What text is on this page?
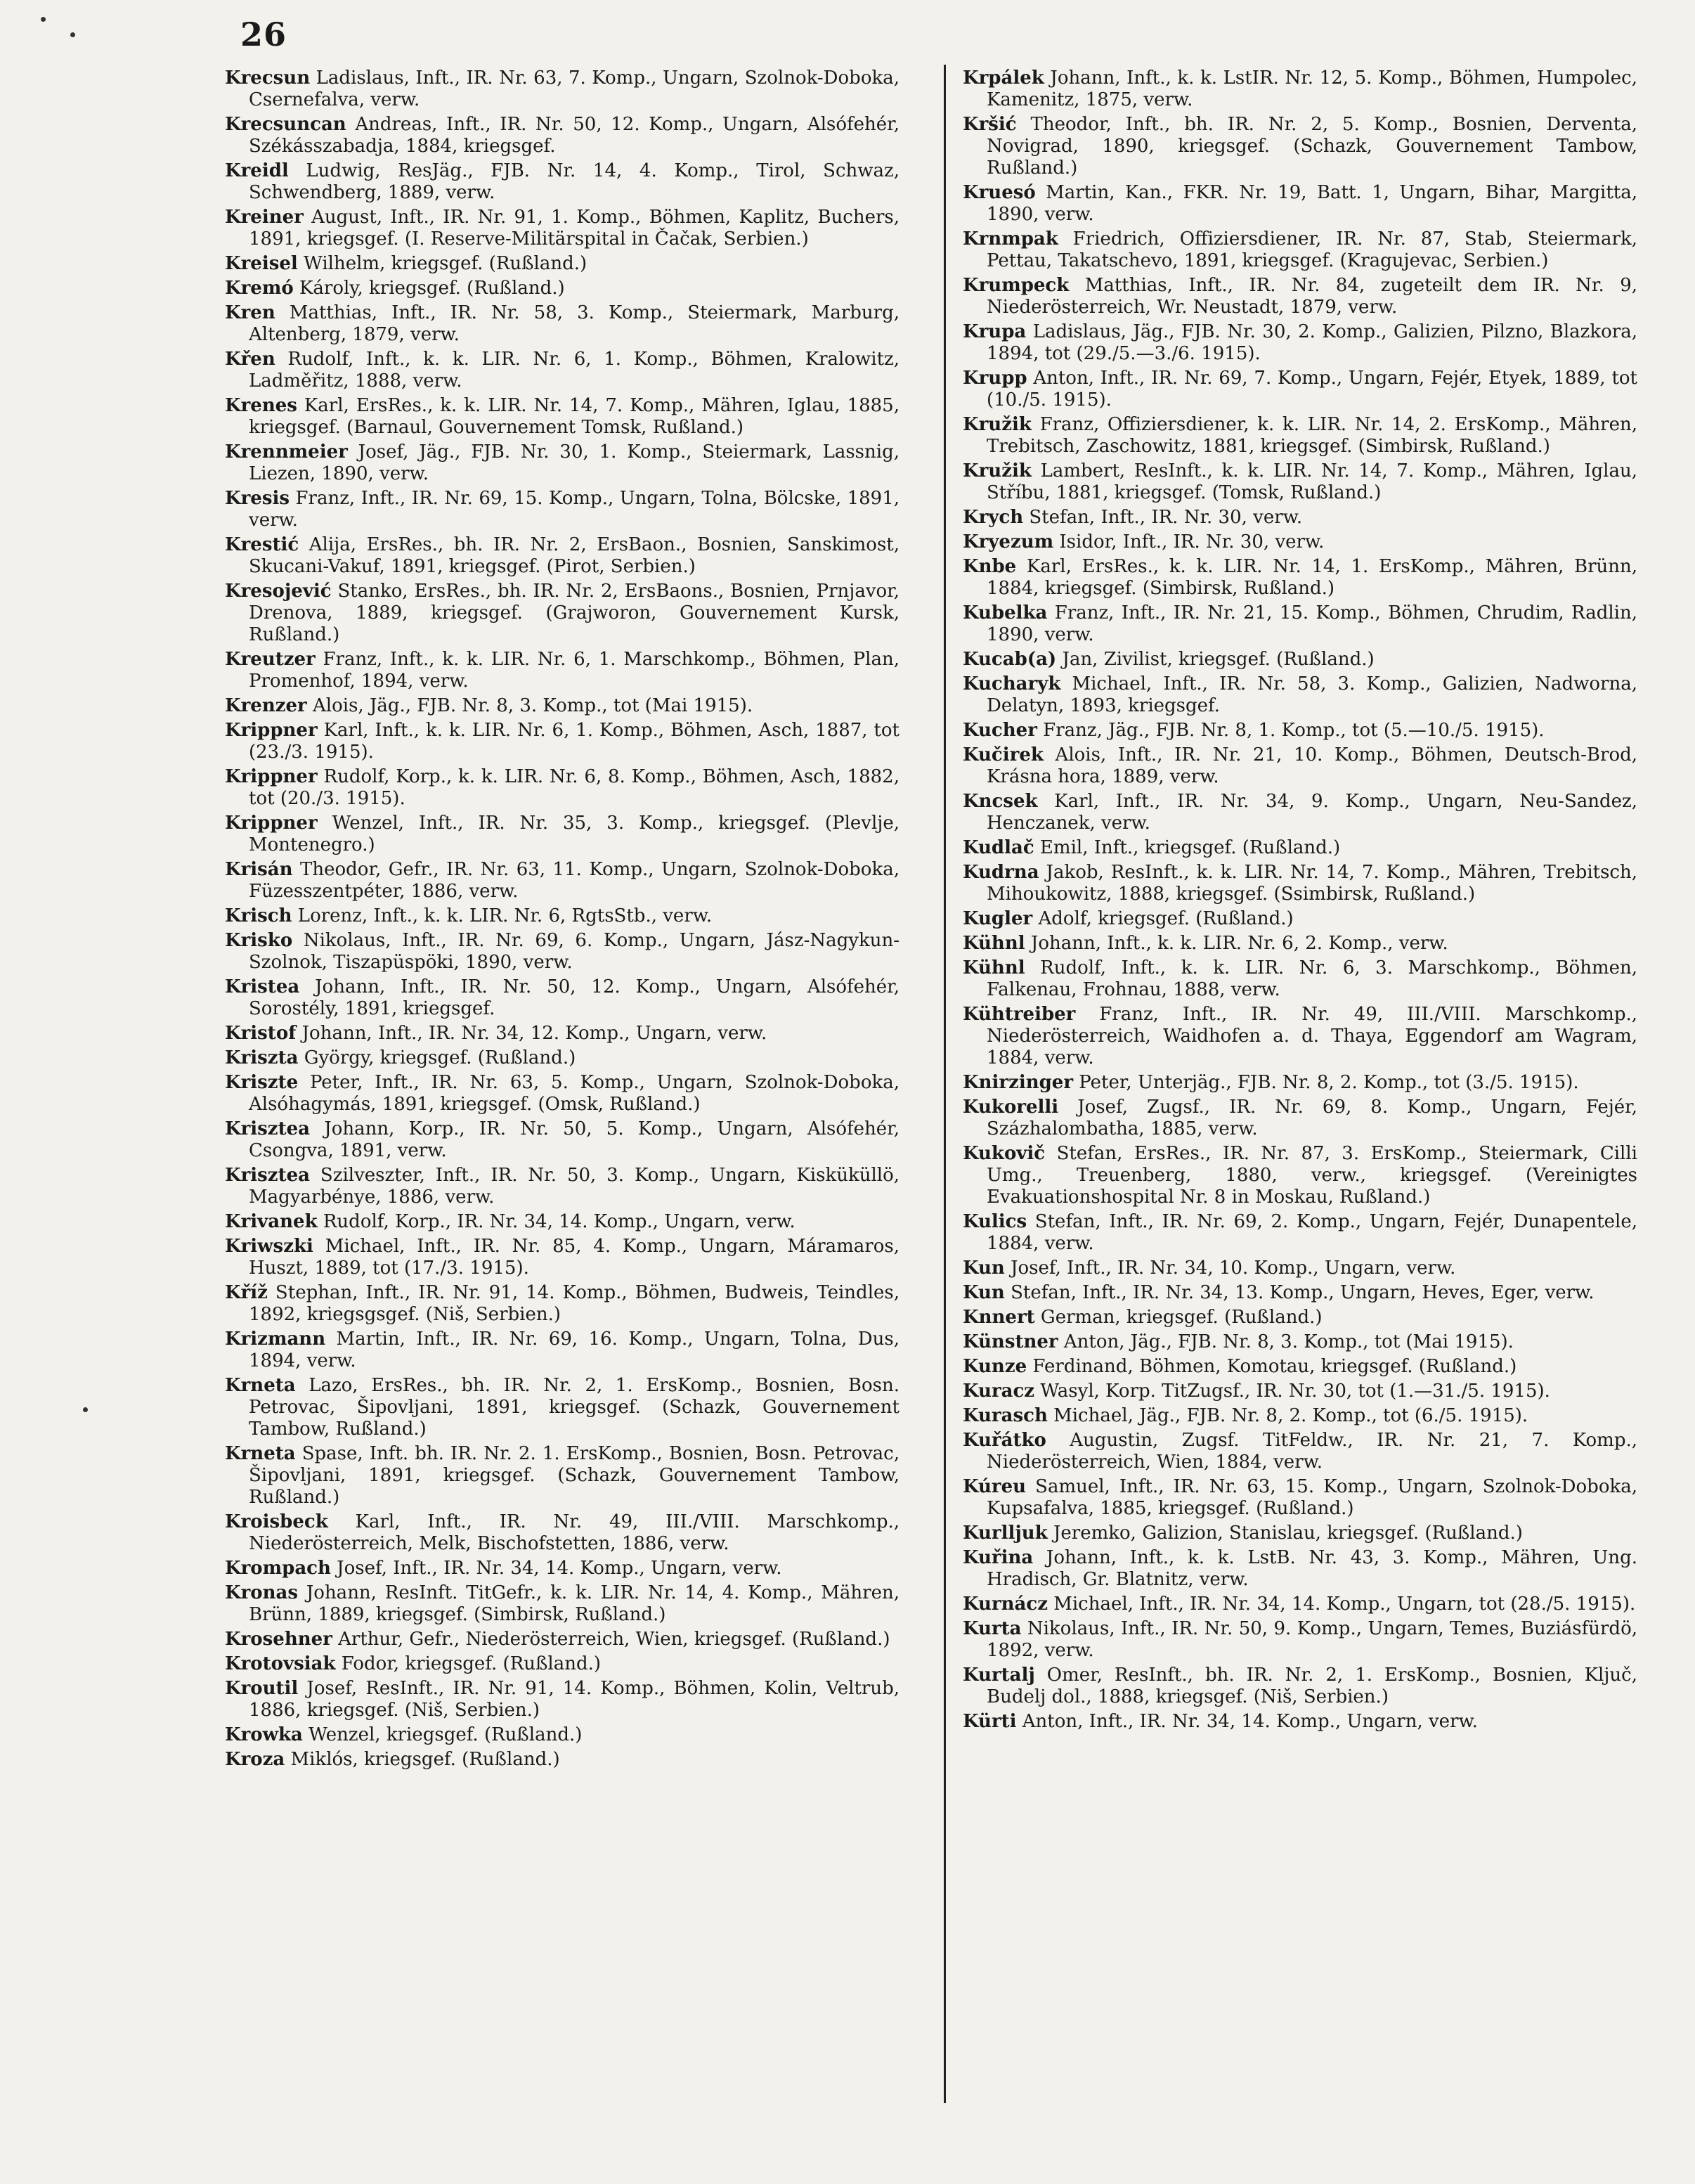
26

Krecsun Ladislaus, Inft., IR. Nr. 63, 7. Komp., Ungarn, Szolnok-Doboka, Csernefalva, verw.

Krecsuncan Andreas, Inft., IR. Nr. 50, 12. Komp., Ungarn, Alsófehér, Székásszabadja, 1884, kriegsgef.

Kreidl Ludwig, ResJäg., FJB. Nr. 14, 4. Komp., Tirol, Schwaz, Schwendberg, 1889, verw.

Kreiner August, Inft., IR. Nr. 91, 1. Komp., Böhmen, Kaplitz, Buchers, 1891, kriegsgef. (I. Reserve-Militärspital in Čačak, Serbien.)

Kreisel Wilhelm, kriegsgef. (Rußland.)

Kremó Károly, kriegsgef. (Rußland.)

Kren Matthias, Inft., IR. Nr. 58, 3. Komp., Steiermark, Marburg, Altenberg, 1879, verw.

Křen Rudolf, Inft., k. k. LIR. Nr. 6, 1. Komp., Böhmen, Kralowitz, Ladměřitz, 1888, verw.

Krenes Karl, ErsRes., k. k. LIR. Nr. 14, 7. Komp., Mähren, Iglau, 1885, kriegsgef. (Barnaul, Gouvernement Tomsk, Rußland.)

Krennmeier Josef, Jäg., FJB. Nr. 30, 1. Komp., Steiermark, Lassnig, Liezen, 1890, verw.

Kresis Franz, Inft., IR. Nr. 69, 15. Komp., Ungarn, Tolna, Bölcske, 1891, verw.

Krestić Alija, ErsRes., bh. IR. Nr. 2, ErsBaon., Bosnien, Sanskimost, Skucani-Vakuf, 1891, kriegsgef. (Pirot, Serbien.)

Kresojević Stanko, ErsRes., bh. IR. Nr. 2, ErsBaons., Bosnien, Prnjavor, Drenova, 1889, kriegsgef. (Grajworon, Gouvernement Kursk, Rußland.)

Kreutzer Franz, Inft., k. k. LIR. Nr. 6, 1. Marschkomp., Böhmen, Plan, Promenhof, 1894, verw.

Krenzer Alois, Jäg., FJB. Nr. 8, 3. Komp., tot (Mai 1915).

Krippner Karl, Inft., k. k. LIR. Nr. 6, 1. Komp., Böhmen, Asch, 1887, tot (23./3. 1915).

Krippner Rudolf, Korp., k. k. LIR. Nr. 6, 8. Komp., Böhmen, Asch, 1882, tot (20./3. 1915).

Krippner Wenzel, Inft., IR. Nr. 35, 3. Komp., kriegsgef. (Plevlje, Montenegro.)

Krisán Theodor, Gefr., IR. Nr. 63, 11. Komp., Ungarn, Szolnok-Doboka, Füzesszentpéter, 1886, verw.

Krisch Lorenz, Inft., k. k. LIR. Nr. 6, RgtsStb., verw.

Krisko Nikolaus, Inft., IR. Nr. 69, 6. Komp., Ungarn, Jász-Nagykun-Szolnok, Tiszapüspöki, 1890, verw.

Kristea Johann, Inft., IR. Nr. 50, 12. Komp., Ungarn, Alsófehér, Sorostély, 1891, kriegsgef.

Kristof Johann, Inft., IR. Nr. 34, 12. Komp., Ungarn, verw.

Kriszta György, kriegsgef. (Rußland.)

Kriszte Peter, Inft., IR. Nr. 63, 5. Komp., Ungarn, Szolnok-Doboka, Alsóhagymás, 1891, kriegsgef. (Omsk, Rußland.)

Krisztea Johann, Korp., IR. Nr. 50, 5. Komp., Ungarn, Alsófehér, Csongva, 1891, verw.

Krisztea Szilveszter, Inft., IR. Nr. 50, 3. Komp., Ungarn, Kisküküllö, Magyarbénye, 1886, verw.

Krivanek Rudolf, Korp., IR. Nr. 34, 14. Komp., Ungarn, verw.

Kriwszki Michael, Inft., IR. Nr. 85, 4. Komp., Ungarn, Máramaros, Huszt, 1889, tot (17./3. 1915).

Kříž Stephan, Inft., IR. Nr. 91, 14. Komp., Böhmen, Budweis, Teindles, 1892, kriegsgsgef. (Niš, Serbien.)

Krizmann Martin, Inft., IR. Nr. 69, 16. Komp., Ungarn, Tolna, Dus, 1894, verw.

Krneta Lazo, ErsRes., bh. IR. Nr. 2, 1. ErsKomp., Bosnien, Bosn. Petrovac, Šipovljani, 1891, kriegsgef. (Schazk, Gouvernement Tambow, Rußland.)

Krneta Spase, Inft. bh. IR. Nr. 2. 1. ErsKomp., Bosnien, Bosn. Petrovac, Šipovljani, 1891, kriegsgef. (Schazk, Gouvernement Tambow, Rußland.)

Kroisbeck Karl, Inft., IR. Nr. 49, III./VIII. Marschkomp., Niederösterreich, Melk, Bischofstetten, 1886, verw.

Krompach Josef, Inft., IR. Nr. 34, 14. Komp., Ungarn, verw.

Kronas Johann, ResInft. TitGefr., k. k. LIR. Nr. 14, 4. Komp., Mähren, Brünn, 1889, kriegsgef. (Simbirsk, Rußland.)

Krosehner Arthur, Gefr., Niederösterreich, Wien, kriegsgef. (Rußland.)

Krotovsiak Fodor, kriegsgef. (Rußland.)

Kroutil Josef, ResInft., IR. Nr. 91, 14. Komp., Böhmen, Kolin, Veltrub, 1886, kriegsgef. (Niš, Serbien.)

Krowka Wenzel, kriegsgef. (Rußland.)

Kroza Miklós, kriegsgef. (Rußland.)

Krpálek Johann, Inft., k. k. LstIR. Nr. 12, 5. Komp., Böhmen, Humpolec, Kamenitz, 1875, verw.

Kršić Theodor, Inft., bh. IR. Nr. 2, 5. Komp., Bosnien, Derventa, Novigrad, 1890, kriegsgef. (Schazk, Gouvernement Tambow, Rußland.)

Kruesó Martin, Kan., FKR. Nr. 19, Batt. 1, Ungarn, Bihar, Margitta, 1890, verw.

Krnmpak Friedrich, Offiziersdiener, IR. Nr. 87, Stab, Steiermark, Pettau, Takatschevo, 1891, kriegsgef. (Kragujevac, Serbien.)

Krumpeck Matthias, Inft., IR. Nr. 84, zugeteilt dem IR. Nr. 9, Niederösterreich, Wr. Neustadt, 1879, verw.

Krupa Ladislaus, Jäg., FJB. Nr. 30, 2. Komp., Galizien, Pilzno, Blazkora, 1894, tot (29./5.—3./6. 1915).

Krupp Anton, Inft., IR. Nr. 69, 7. Komp., Ungarn, Fejér, Etyek, 1889, tot (10./5. 1915).

Kružik Franz, Offiziersdiener, k. k. LIR. Nr. 14, 2. ErsKomp., Mähren, Trebitsch, Zaschowitz, 1881, kriegsgef. (Simbirsk, Rußland.)

Kružik Lambert, ResInft., k. k. LIR. Nr. 14, 7. Komp., Mähren, Iglau, Stříbu, 1881, kriegsgef. (Tomsk, Rußland.)

Krych Stefan, Inft., IR. Nr. 30, verw.

Kryezum Isidor, Inft., IR. Nr. 30, verw.

Knbe Karl, ErsRes., k. k. LIR. Nr. 14, 1. ErsKomp., Mähren, Brünn, 1884, kriegsgef. (Simbirsk, Rußland.)

Kubelka Franz, Inft., IR. Nr. 21, 15. Komp., Böhmen, Chrudim, Radlin, 1890, verw.

Kucab(a) Jan, Zivilist, kriegsgef. (Rußland.)

Kucharyk Michael, Inft., IR. Nr. 58, 3. Komp., Galizien, Nadworna, Delatyn, 1893, kriegsgef.

Kucher Franz, Jäg., FJB. Nr. 8, 1. Komp., tot (5.—10./5. 1915).

Kučirek Alois, Inft., IR. Nr. 21, 10. Komp., Böhmen, Deutsch-Brod, Krásna hora, 1889, verw.

Kncsek Karl, Inft., IR. Nr. 34, 9. Komp., Ungarn, Neu-Sandez, Henczanek, verw.

Kudlač Emil, Inft., kriegsgef. (Rußland.)

Kudrna Jakob, ResInft., k. k. LIR. Nr. 14, 7. Komp., Mähren, Trebitsch, Mihoukowitz, 1888, kriegsgef. (Ssimbirsk, Rußland.)

Kugler Adolf, kriegsgef. (Rußland.)

Kühnl Johann, Inft., k. k. LIR. Nr. 6, 2. Komp., verw.

Kühnl Rudolf, Inft., k. k. LIR. Nr. 6, 3. Marschkomp., Böhmen, Falkenau, Frohnau, 1888, verw.

Kühtreiber Franz, Inft., IR. Nr. 49, III./VIII. Marschkomp., Niederösterreich, Waidhofen a. d. Thaya, Eggendorf am Wagram, 1884, verw.

Knirzinger Peter, Unterjäg., FJB. Nr. 8, 2. Komp., tot (3./5. 1915).

Kukorelli Josef, Zugsf., IR. Nr. 69, 8. Komp., Ungarn, Fejér, Százhalombatha, 1885, verw.

Kukovič Stefan, ErsRes., IR. Nr. 87, 3. ErsKomp., Steiermark, Cilli Umg., Treuenberg, 1880, verw., kriegsgef. (Vereinigtes Evakuationshospital Nr. 8 in Moskau, Rußland.)

Kulics Stefan, Inft., IR. Nr. 69, 2. Komp., Ungarn, Fejér, Dunapentele, 1884, verw.

Kun Josef, Inft., IR. Nr. 34, 10. Komp., Ungarn, verw.

Kun Stefan, Inft., IR. Nr. 34, 13. Komp., Ungarn, Heves, Eger, verw.

Knnert German, kriegsgef. (Rußland.)

Künstner Anton, Jäg., FJB. Nr. 8, 3. Komp., tot (Mai 1915).

Kunze Ferdinand, Böhmen, Komotau, kriegsgef. (Rußland.)

Kuracz Wasyl, Korp. TitZugsf., IR. Nr. 30, tot (1.—31./5. 1915).

Kurasch Michael, Jäg., FJB. Nr. 8, 2. Komp., tot (6./5. 1915).

Kuřátko Augustin, Zugsf. TitFeldw., IR. Nr. 21, 7. Komp., Niederösterreich, Wien, 1884, verw.

Kúreu Samuel, Inft., IR. Nr. 63, 15. Komp., Ungarn, Szolnok-Doboka, Kupsafalva, 1885, kriegsgef. (Rußland.)

Kurlljuk Jeremko, Galizion, Stanislau, kriegsgef. (Rußland.)

Kuřina Johann, Inft., k. k. LstB. Nr. 43, 3. Komp., Mähren, Ung. Hradisch, Gr. Blatnitz, verw.

Kurnácz Michael, Inft., IR. Nr. 34, 14. Komp., Ungarn, tot (28./5. 1915).

Kurta Nikolaus, Inft., IR. Nr. 50, 9. Komp., Ungarn, Temes, Buziásfürdö, 1892, verw.

Kurtalj Omer, ResInft., bh. IR. Nr. 2, 1. ErsKomp., Bosnien, Ključ, Budelj dol., 1888, kriegsgef. (Niš, Serbien.)

Kürti Anton, Inft., IR. Nr. 34, 14. Komp., Ungarn, verw.
